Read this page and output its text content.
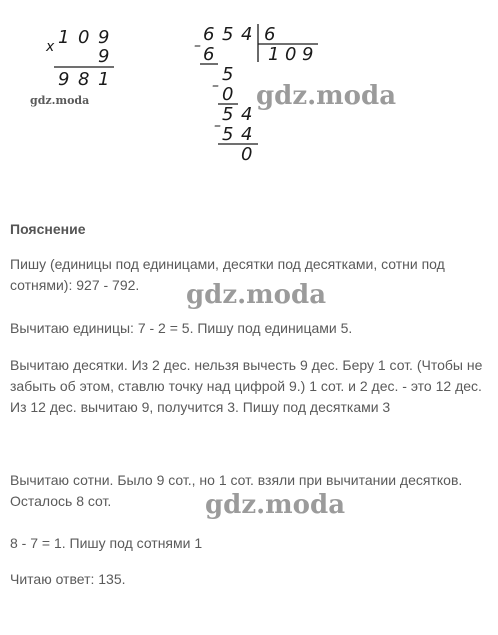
x 1 0 9
9
9 8 1
gdz.moda
6 5 4 6
1 0 9
– 6
5
– 0
5 4
– 5 4
0
gdz.moda
Пояснение
Пишу (единицы под единицами, десятки под десятками, сотни под сотнями): 927 - 792.
Вычитаю единицы: 7 - 2 = 5. Пишу под единицами 5.
Вычитаю десятки. Из 2 дес. нельзя вычесть 9 дес. Беру 1 сот. (Чтобы не забыть об этом, ставлю точку над цифрой 9.) 1 сот. и 2 дес. - это 12 дес. Из 12 дес. вычитаю 9, получится 3. Пишу под десятками 3
Вычитаю сотни. Было 9 сот., но 1 сот. взяли при вычитании десятков. Осталось 8 сот.
8 - 7 = 1. Пишу под сотнями 1
Читаю ответ: 135.
gdz.moda
gdz.moda
